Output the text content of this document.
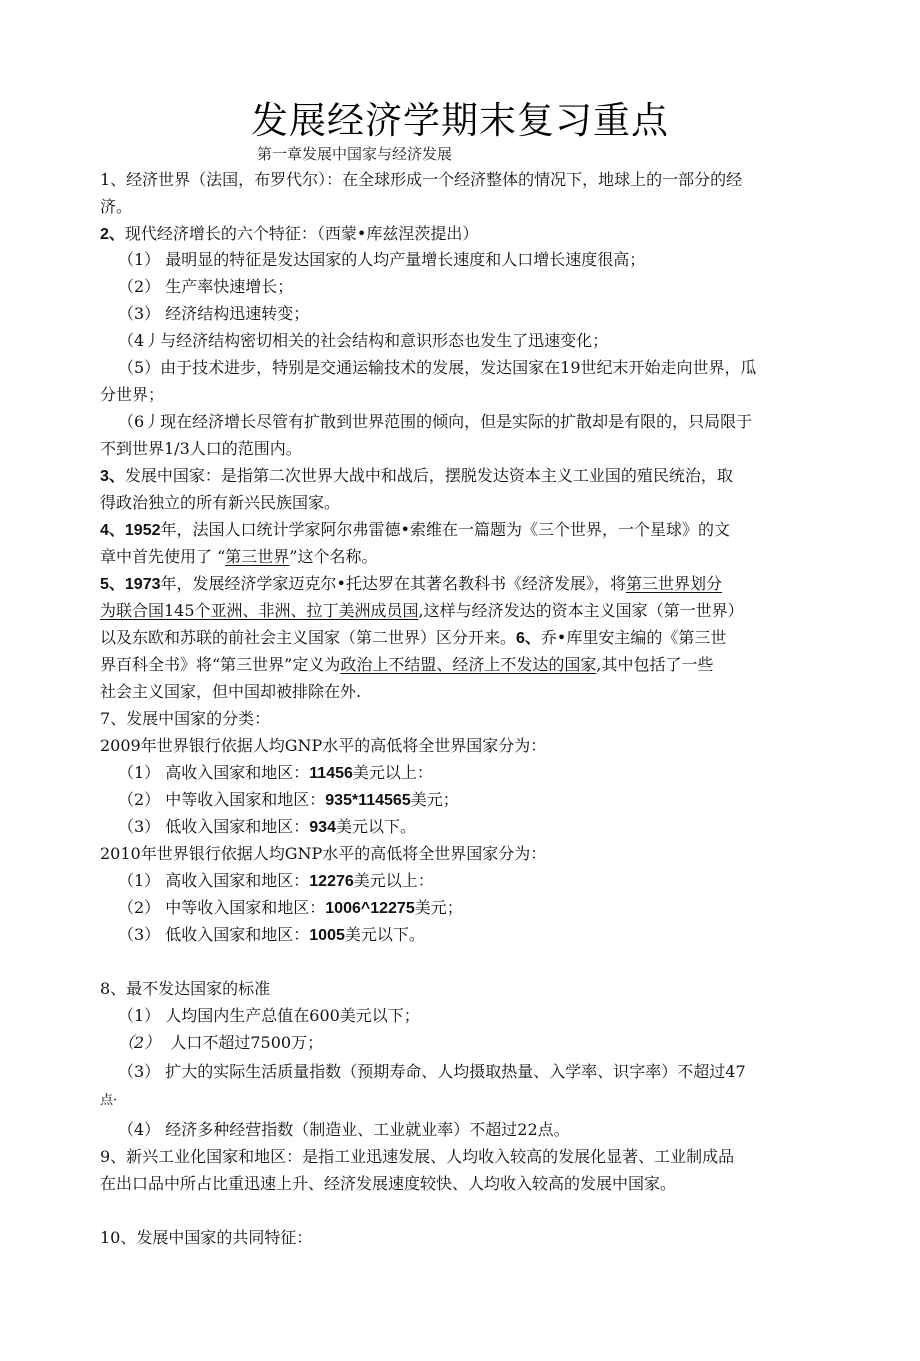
发展经济学期末复习重点
第一章发展中国家与经济发展
1、经济世界（法国，布罗代尔）：在全球形成一个经济整体的情况下，地球上的一部分的经
济。
2、现代经济增长的六个特征：（西蒙•库兹涅茨提出）
（1） 最明显的特征是发达国家的人均产量增长速度和人口增长速度很高；
（2） 生产率快速增长；
（3） 经济结构迅速转变；
（4丿与经济结构密切相关的社会结构和意识形态也发生了迅速变化；
（5）由于技术进步，特别是交通运输技术的发展，发达国家在19世纪末开始走向世界，瓜
分世界；
（6丿现在经济增长尽管有扩散到世界范围的倾向，但是实际的扩散却是有限的，只局限于
不到世界1/3人口的范围内。
3、发展中国家：是指第二次世界大战中和战后，摆脱发达资本主义工业国的殖民统治，取
得政治独立的所有新兴民族国家。
4、1952年，法国人口统计学家阿尔弗雷德•索维在一篇题为《三个世界，一个星球》的文
章中首先使用了 “第三世界”这个名称。
5、1973年，发展经济学家迈克尔•托达罗在其著名教科书《经济发展》，将第三世界划分
为联合国145个亚洲、非洲、拉丁美洲成员国,这样与经济发达的资本主义国家（第一世界）
以及东欧和苏联的前社会主义国家（第二世界）区分开来。6、乔•库里安主编的《第三世
界百科全书》将“第三世界”定义为政治上不结盟、经济上不发达的国家,其中包括了一些
社会主义国家，但中国却被排除在外.
7、发展中国家的分类：
2009年世界银行依据人均GNP水平的高低将全世界国家分为：
（1） 高收入国家和地区：11456美元以上：
（2） 中等收入国家和地区：935*114565美元；
（3） 低收入国家和地区：934美元以下。
2010年世界银行依据人均GNP水平的高低将全世界国家分为：
（1） 高收入国家和地区：12276美元以上：
（2） 中等收入国家和地区：1006^12275美元；
（3） 低收入国家和地区：1005美元以下。
8、最不发达国家的标准
（1） 人均国内生产总值在600美元以下；
（2） 人口不超过7500万；
（3） 扩大的实际生活质量指数（预期寿命、人均摄取热量、入学率、识字率）不超过47
点·
（4） 经济多种经营指数（制造业、工业就业率）不超过22点。
9、新兴工业化国家和地区：是指工业迅速发展、人均收入较高的发展化显著、工业制成品
在出口品中所占比重迅速上升、经济发展速度较快、人均收入较高的发展中国家。
10、发展中国家的共同特征：
